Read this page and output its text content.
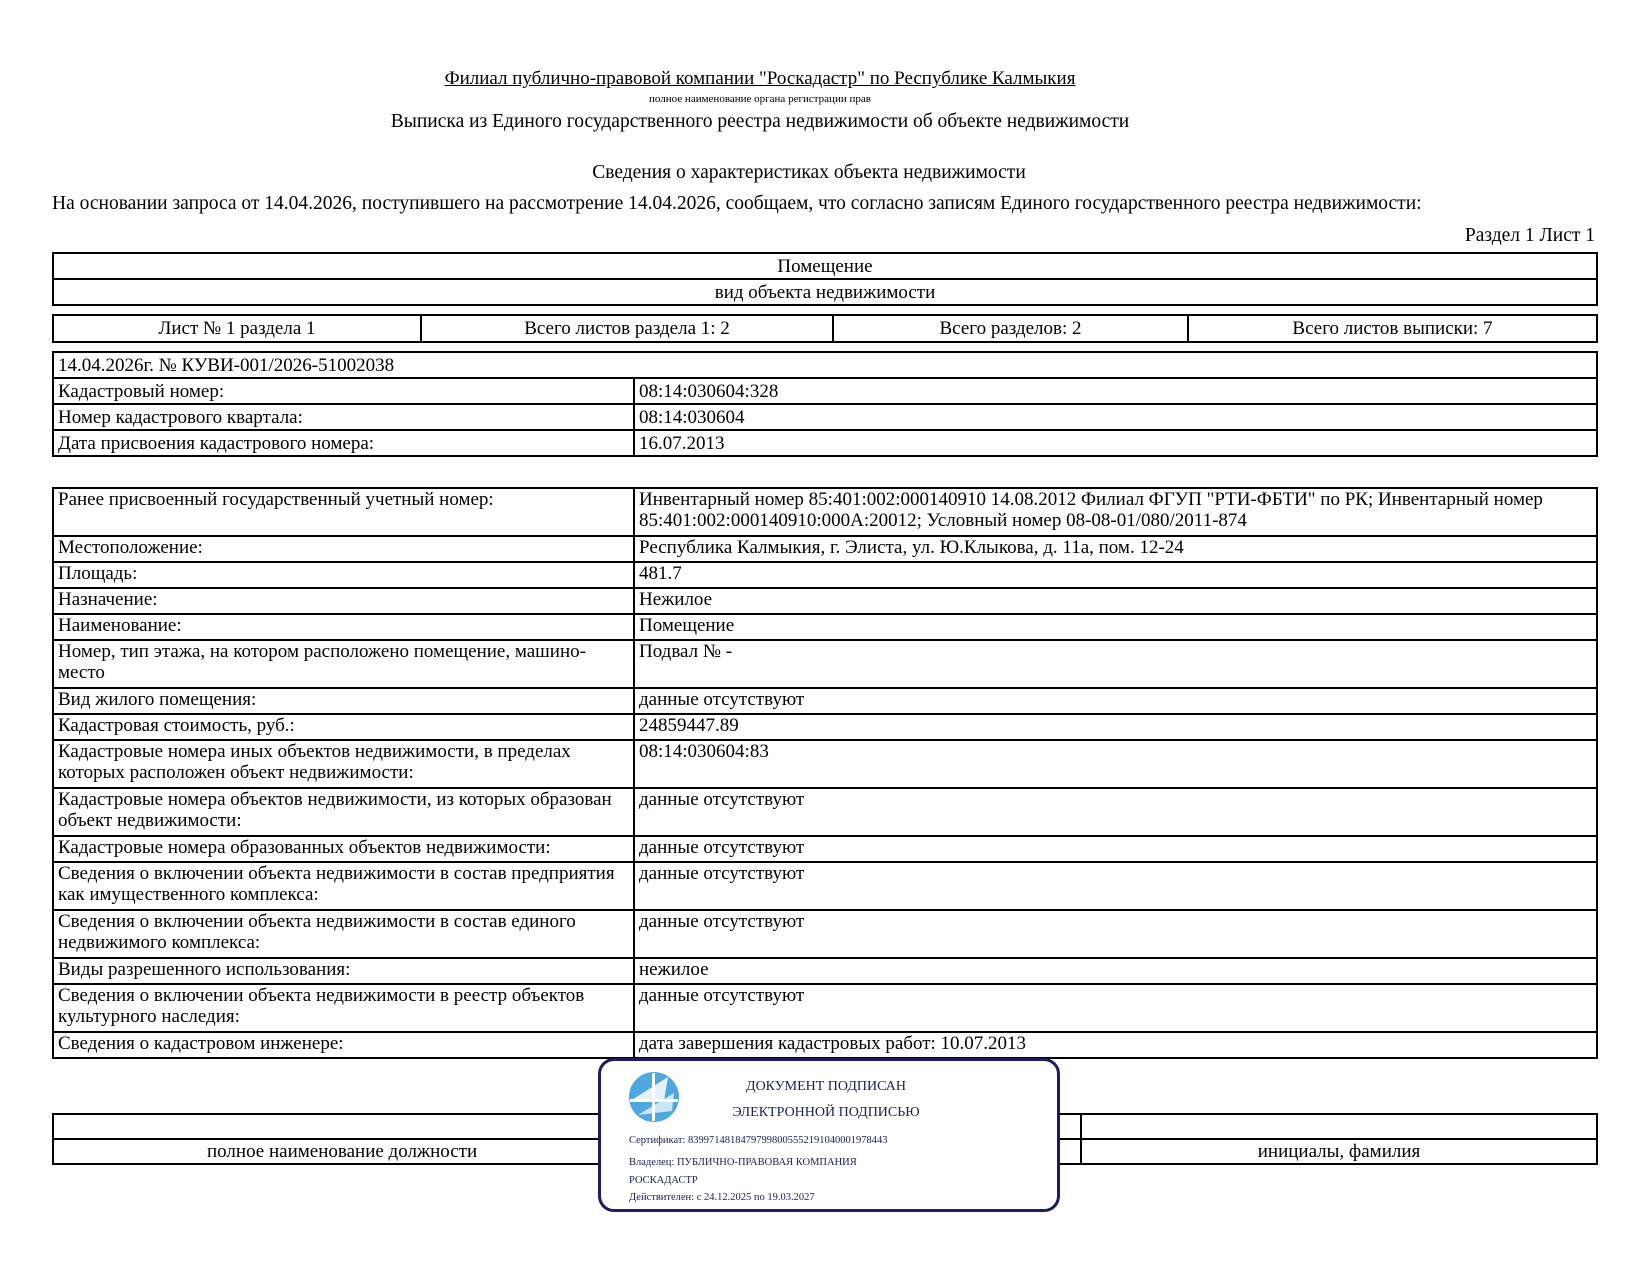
Филиал публично-правовой компании "Роскадастр" по Республике Калмыкия
полное наименование органа регистрации прав
Выписка из Единого государственного реестра недвижимости об объекте недвижимости
Сведения о характеристиках объекта недвижимости
На основании запроса от 14.04.2026, поступившего на рассмотрение 14.04.2026, сообщаем, что согласно записям Единого государственного реестра недвижимости:
Раздел 1 Лист 1
Помещение
вид объекта недвижимости
Лист № 1 раздела 1	Всего листов раздела 1: 2	Всего разделов: 2	Всего листов выписки: 7
14.04.2026г. № КУВИ-001/2026-51002038	
Кадастровый номер:	08:14:030604:328
Номер кадастрового квартала:	08:14:030604
Дата присвоения кадастрового номера:	16.07.2013
Ранее присвоенный государственный учетный номер:	Инвентарный номер 85:401:002:000140910 14.08.2012 Филиал ФГУП "РТИ-ФБТИ" по РК; Инвентарный номер 85:401:002:000140910:000А:20012; Условный номер 08-08-01/080/2011-874
Местоположение:	Республика Калмыкия, г. Элиста, ул. Ю.Клыкова, д. 11а, пом. 12-24
Площадь:	481.7
Назначение:	Нежилое
Наименование:	Помещение
Номер, тип этажа, на котором расположено помещение, машино-место	Подвал № -
Вид жилого помещения:	данные отсутствуют
Кадастровая стоимость, руб.:	24859447.89
Кадастровые номера иных объектов недвижимости, в пределах которых расположен объект недвижимости:	08:14:030604:83
Кадастровые номера объектов недвижимости, из которых образован объект недвижимости:	данные отсутствуют
Кадастровые номера образованных объектов недвижимости:	данные отсутствуют
Сведения о включении объекта недвижимости в состав предприятия как имущественного комплекса:	данные отсутствуют
Сведения о включении объекта недвижимости в состав единого недвижимого комплекса:	данные отсутствуют
Виды разрешенного использования:	нежилое
Сведения о включении объекта недвижимости в реестр объектов культурного наследия:	данные отсутствуют
Сведения о кадастровом инженере:	дата завершения кадастровых работ: 10.07.2013

полное наименование должности	инициалы, фамилия
ДОКУМЕНТ ПОДПИСАН
ЭЛЕКТРОННОЙ ПОДПИСЬЮ
Сертификат: 839971481847979980055521910400019784​43
Владелец: ПУБЛИЧНО-ПРАВОВАЯ КОМПАНИЯ
РОСКАДАСТР
Действителен: с 24.12.2025 по 19.03.2027
